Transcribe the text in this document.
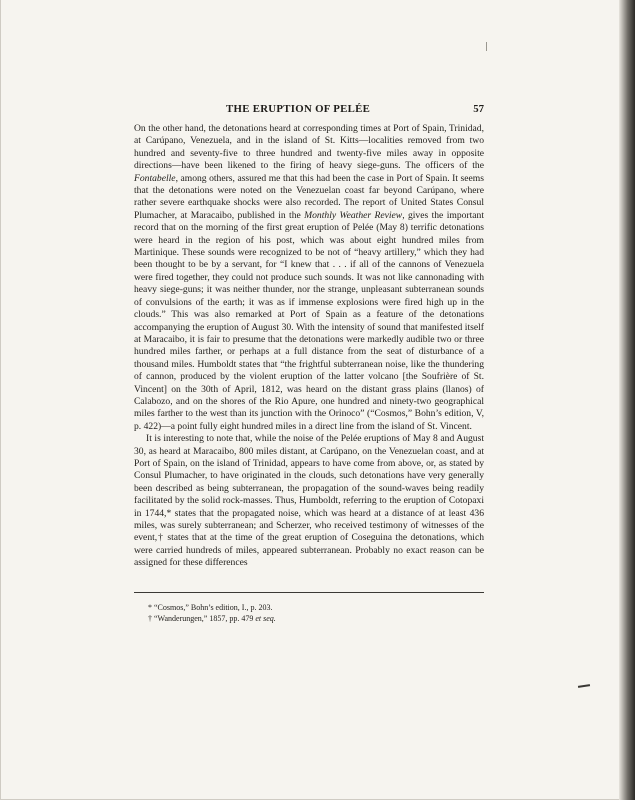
THE ERUPTION OF PELÉE	57

On the other hand, the detonations heard at corresponding times at Port of Spain, Trinidad, at Carúpano, Venezuela, and in the island of St. Kitts—localities removed from two hundred and seventy-five to three hundred and twenty-five miles away in opposite directions—have been likened to the firing of heavy siege-guns. The officers of the Fontabelle, among others, assured me that this had been the case in Port of Spain. It seems that the detonations were noted on the Venezuelan coast far beyond Carúpano, where rather severe earthquake shocks were also recorded. The report of United States Consul Plumacher, at Maracaibo, published in the Monthly Weather Review, gives the important record that on the morning of the first great eruption of Pelée (May 8) terrific detonations were heard in the region of his post, which was about eight hundred miles from Martinique. These sounds were recognized to be not of “heavy artillery,” which they had been thought to be by a servant, for “I knew that . . . if all of the cannons of Venezuela were fired together, they could not produce such sounds. It was not like cannonading with heavy siege-guns; it was neither thunder, nor the strange, unpleasant subterranean sounds of convulsions of the earth; it was as if immense explosions were fired high up in the clouds.” This was also remarked at Port of Spain as a feature of the detonations accompanying the eruption of August 30. With the intensity of sound that manifested itself at Maracaibo, it is fair to presume that the detonations were markedly audible two or three hundred miles farther, or perhaps at a full distance from the seat of disturbance of a thousand miles. Humboldt states that “the frightful subterranean noise, like the thundering of cannon, produced by the violent eruption of the latter volcano [the Soufrière of St. Vincent] on the 30th of April, 1812, was heard on the distant grass plains (llanos) of Calabozo, and on the shores of the Rio Apure, one hundred and ninety-two geographical miles farther to the west than its junction with the Orinoco” (“Cosmos,” Bohn’s edition, V, p. 422)—a point fully eight hundred miles in a direct line from the island of St. Vincent.

It is interesting to note that, while the noise of the Pelée eruptions of May 8 and August 30, as heard at Maracaibo, 800 miles distant, at Carúpano, on the Venezuelan coast, and at Port of Spain, on the island of Trinidad, appears to have come from above, or, as stated by Consul Plumacher, to have originated in the clouds, such detonations have very generally been described as being subterranean, the propagation of the sound-waves being readily facilitated by the solid rock-masses. Thus, Humboldt, referring to the eruption of Cotopaxi in 1744,* states that the propagated noise, which was heard at a distance of at least 436 miles, was surely subterranean; and Scherzer, who received testimony of witnesses of the event,† states that at the time of the great eruption of Coseguina the detonations, which were carried hundreds of miles, appeared subterranean. Probably no exact reason can be assigned for these differences

* “Cosmos,” Bohn’s edition, I., p. 203.
† “Wanderungen,” 1857, pp. 479 et seq.
